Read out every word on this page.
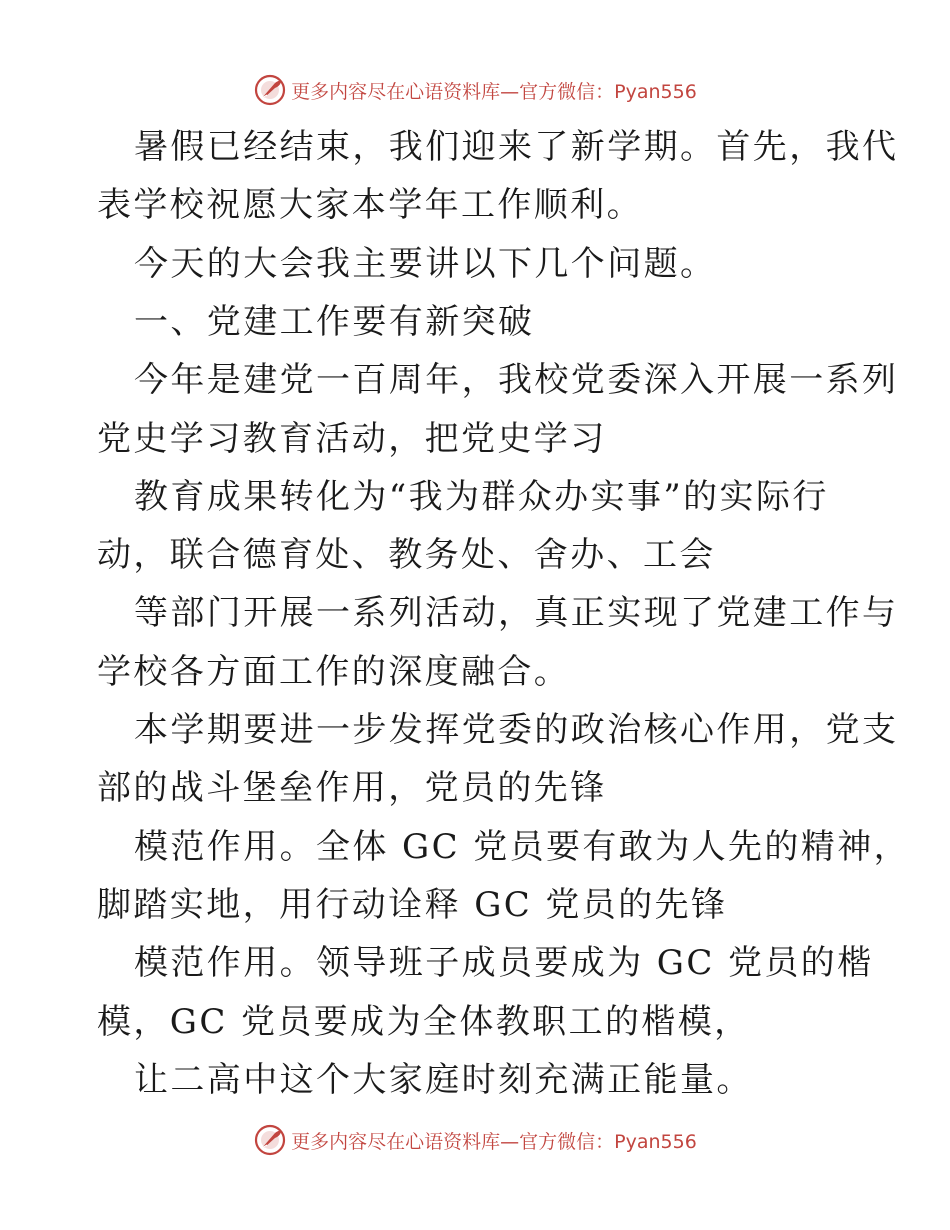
更多内容尽在心语资料库—官方微信：Pyan556
暑假已经结束，我们迎来了新学期。首先，我代
表学校祝愿大家本学年工作顺利。
今天的大会我主要讲以下几个问题。
一、党建工作要有新突破
今年是建党一百周年，我校党委深入开展一系列
党史学习教育活动，把党史学习
教育成果转化为“我为群众办实事”的实际行
动，联合德育处、教务处、舍办、工会
等部门开展一系列活动，真正实现了党建工作与
学校各方面工作的深度融合。
本学期要进一步发挥党委的政治核心作用，党支
部的战斗堡垒作用，党员的先锋
模范作用。全体 GC 党员要有敢为人先的精神，
脚踏实地，用行动诠释 GC 党员的先锋
模范作用。领导班子成员要成为 GC 党员的楷
模，GC 党员要成为全体教职工的楷模，
让二高中这个大家庭时刻充满正能量。
更多内容尽在心语资料库—官方微信：Pyan556
